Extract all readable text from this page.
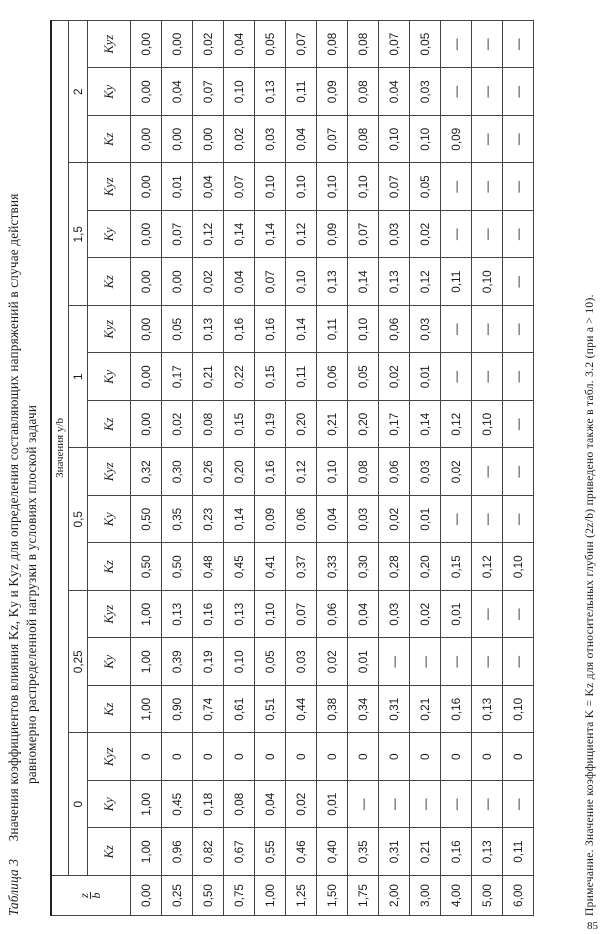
Таблица 3     Значения коэффициентов влияния Kz, Ky и Kyz для определения составляющих напряжений в случае действия равномерно распределенной нагрузки в условиях плоской задачи
z
b	Значения y/b																	
	0			0,25			0,5			1			1,5			2		
	Kz	Ky	Kyz	Kz	Ky	Kyz	Kz	Ky	Kyz	Kz	Ky	Kyz	Kz	Ky	Kyz	Kz	Ky	Kyz
0,00	1,00	1,00	0	1,00	1,00	1,00	0,50	0,50	0,32	0,00	0,00	0,00	0,00	0,00	0,00	0,00	0,00	0,00
0,25	0,96	0,45	0	0,90	0,39	0,13	0,50	0,35	0,30	0,02	0,17	0,05	0,00	0,07	0,01	0,00	0,04	0,00
0,50	0,82	0,18	0	0,74	0,19	0,16	0,48	0,23	0,26	0,08	0,21	0,13	0,02	0,12	0,04	0,00	0,07	0,02
0,75	0,67	0,08	0	0,61	0,10	0,13	0,45	0,14	0,20	0,15	0,22	0,16	0,04	0,14	0,07	0,02	0,10	0,04
1,00	0,55	0,04	0	0,51	0,05	0,10	0,41	0,09	0,16	0,19	0,15	0,16	0,07	0,14	0,10	0,03	0,13	0,05
1,25	0,46	0,02	0	0,44	0,03	0,07	0,37	0,06	0,12	0,20	0,11	0,14	0,10	0,12	0,10	0,04	0,11	0,07
1,50	0,40	0,01	0	0,38	0,02	0,06	0,33	0,04	0,10	0,21	0,06	0,11	0,13	0,09	0,10	0,07	0,09	0,08
1,75	0,35	—	0	0,34	0,01	0,04	0,30	0,03	0,08	0,20	0,05	0,10	0,14	0,07	0,10	0,08	0,08	0,08
2,00	0,31	—	0	0,31	—	0,03	0,28	0,02	0,06	0,17	0,02	0,06	0,13	0,03	0,07	0,10	0.04	0,07
3,00	0,21	—	0	0,21	—	0,02	0,20	0,01	0,03	0,14	0,01	0,03	0,12	0,02	0,05	0,10	0,03	0,05
4,00	0,16	—	0	0,16	—	0,01	0,15	—	0,02	0,12	—	—	0,11	—	—	0,09	—	—
5,00	0,13	—	0	0,13	—	—	0,12	—	—	0,10	—	—	0,10	—	—	—	—	—
6,00	0,11	—	0	0,10	—	—	0,10	—	—	—	—	—	—	—	—	—	—	—
Примечание. Значение коэффициента K = Kz для относительных глубин (2z/b) приведено также в табл. 3.2 (при a > 10).
85
